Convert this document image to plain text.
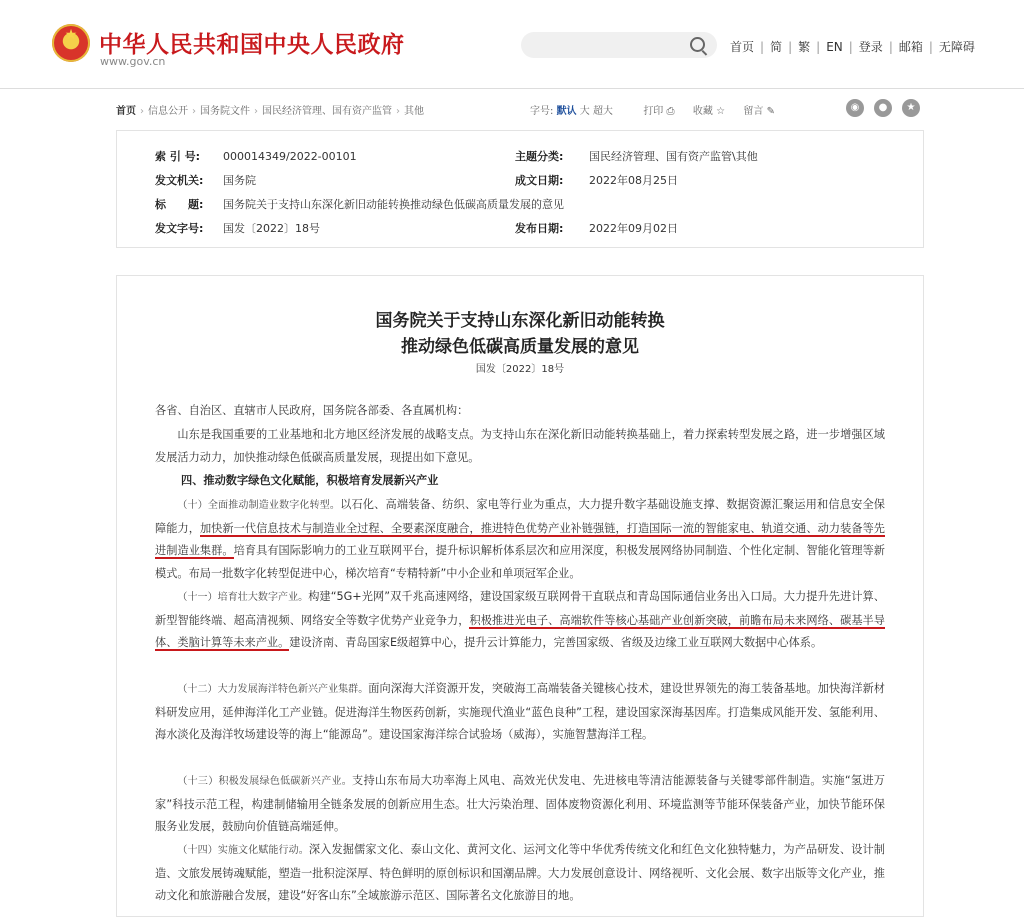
★ 中华人民共和国中央人民政府
www.gov.cn
首页 | 简 | 繁 | EN | 登录 | 邮箱 | 无障碍
首页 › 信息公开 › 国务院文件 › 国民经济管理、国有资产监管 › 其他	字号: 默认 大 超大	打印 ⎙ 收藏 ☆ 留言 ✎	◉	●	★
索 引 号: 000014349/2022-00101	主题分类: 国民经济管理、国有资产监管\其他
发文机关: 国务院	成文日期: 2022年08月25日
标　　题: 国务院关于支持山东深化新旧动能转换推动绿色低碳高质量发展的意见
发文字号: 国发〔2022〕18号	发布日期: 2022年09月02日
国务院关于支持山东深化新旧动能转换
推动绿色低碳高质量发展的意见
国发〔2022〕18号
各省、自治区、直辖市人民政府，国务院各部委、各直属机构：
山东是我国重要的工业基地和北方地区经济发展的战略支点。为支持山东在深化新旧动能转换基础上，着力探索转型发展之路，进一步增强区域发展活力动力，加快推动绿色低碳高质量发展，现提出如下意见。
四、推动数字绿色文化赋能，积极培育发展新兴产业
（十）全面推动制造业数字化转型。以石化、高端装备、纺织、家电等行业为重点，大力提升数字基础设施支撑、数据资源汇聚运用和信息安全保障能力，加快新一代信息技术与制造业全过程、全要素深度融合，推进特色优势产业补链强链，打造国际一流的智能家电、轨道交通、动力装备等先进制造业集群。培育具有国际影响力的工业互联网平台，提升标识解析体系层次和应用深度，积极发展网络协同制造、个性化定制、智能化管理等新模式。布局一批数字化转型促进中心，梯次培育“专精特新”中小企业和单项冠军企业。
（十一）培育壮大数字产业。构建“5G+光网”双千兆高速网络，建设国家级互联网骨干直联点和青岛国际通信业务出入口局。大力提升先进计算、新型智能终端、超高清视频、网络安全等数字优势产业竞争力，积极推进光电子、高端软件等核心基础产业创新突破，前瞻布局未来网络、碳基半导体、类脑计算等未来产业。建设济南、青岛国家E级超算中心，提升云计算能力，完善国家级、省级及边缘工业互联网大数据中心体系。
（十二）大力发展海洋特色新兴产业集群。面向深海大洋资源开发，突破海工高端装备关键核心技术，建设世界领先的海工装备基地。加快海洋新材料研发应用，延伸海洋化工产业链。促进海洋生物医药创新，实施现代渔业“蓝色良种”工程，建设国家深海基因库。打造集成风能开发、氢能利用、海水淡化及海洋牧场建设等的海上“能源岛”。建设国家海洋综合试验场（威海），实施智慧海洋工程。
（十三）积极发展绿色低碳新兴产业。支持山东布局大功率海上风电、高效光伏发电、先进核电等清洁能源装备与关键零部件制造。实施“氢进万家”科技示范工程，构建制储输用全链条发展的创新应用生态。壮大污染治理、固体废物资源化利用、环境监测等节能环保装备产业，加快节能环保服务业发展，鼓励向价值链高端延伸。
（十四）实施文化赋能行动。深入发掘儒家文化、泰山文化、黄河文化、运河文化等中华优秀传统文化和红色文化独特魅力，为产品研发、设计制造、文旅发展铸魂赋能，塑造一批积淀深厚、特色鲜明的原创标识和国潮品牌。大力发展创意设计、网络视听、文化会展、数字出版等文化产业，推动文化和旅游融合发展，建设“好客山东”全域旅游示范区、国际著名文化旅游目的地。
